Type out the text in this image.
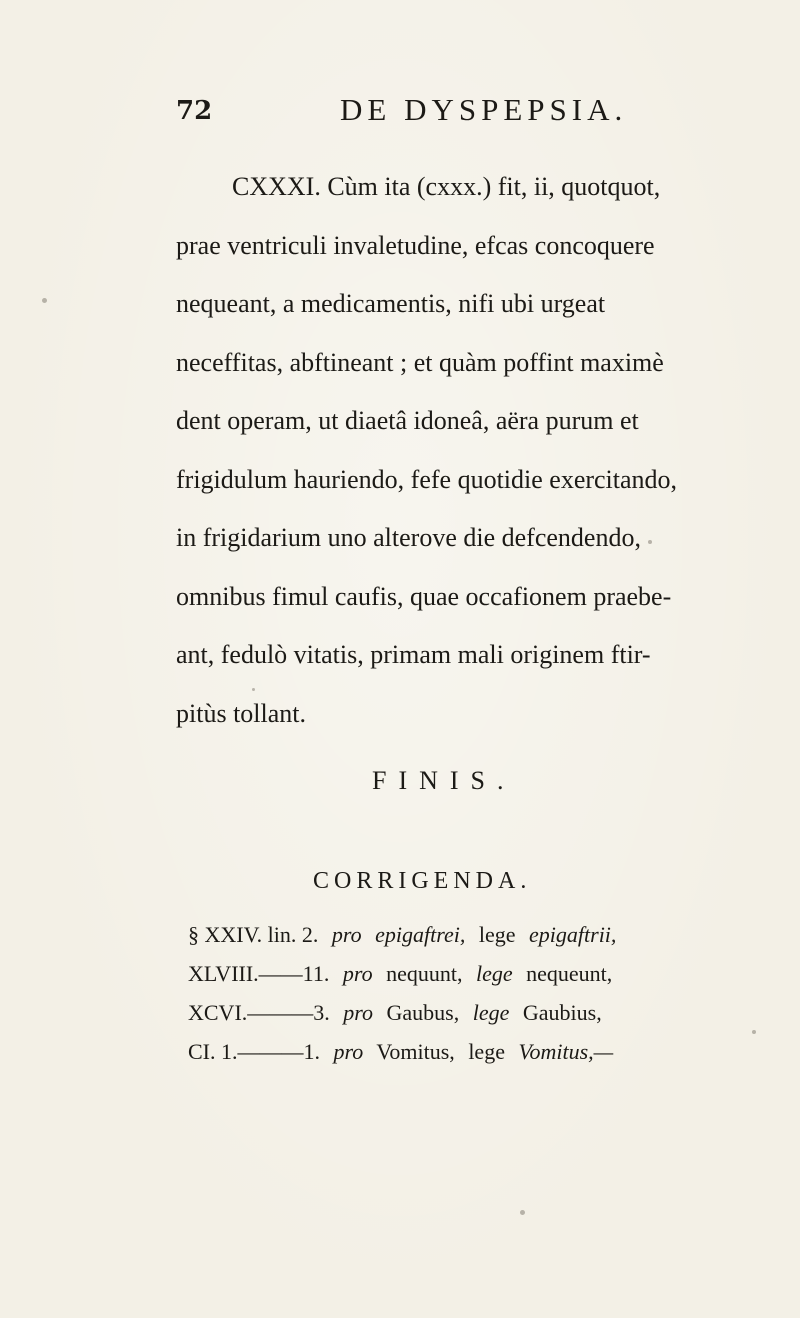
72	DE DYSPEPSIA.
CXXXI. Cùm ita (cxxx.) fit, ii, quotquot,
prae ventriculi invaletudine, efcas concoquere
nequeant, a medicamentis, nifi ubi urgeat
neceffitas, abftineant ; et quàm poffint maximè
dent operam, ut diaetâ idoneâ, aëra purum et
frigidulum hauriendo, fefe quotidie exercitando,
in frigidarium uno alterove die defcendendo,
omnibus fimul caufis, quae occafionem praebe-
ant, fedulò vitatis, primam mali originem ftir-
pitùs tollant.
FINIS.
CORRIGENDA.
§ XXIV. lin. 2. pro epigaftrei, lege epigaftrii,
XLVIII.——11. pro nequunt, lege nequeunt,
XCVI.———3. pro Gaubus, lege Gaubius,
CI. 1.———1. pro Vomitus, lege Vomitus,—
